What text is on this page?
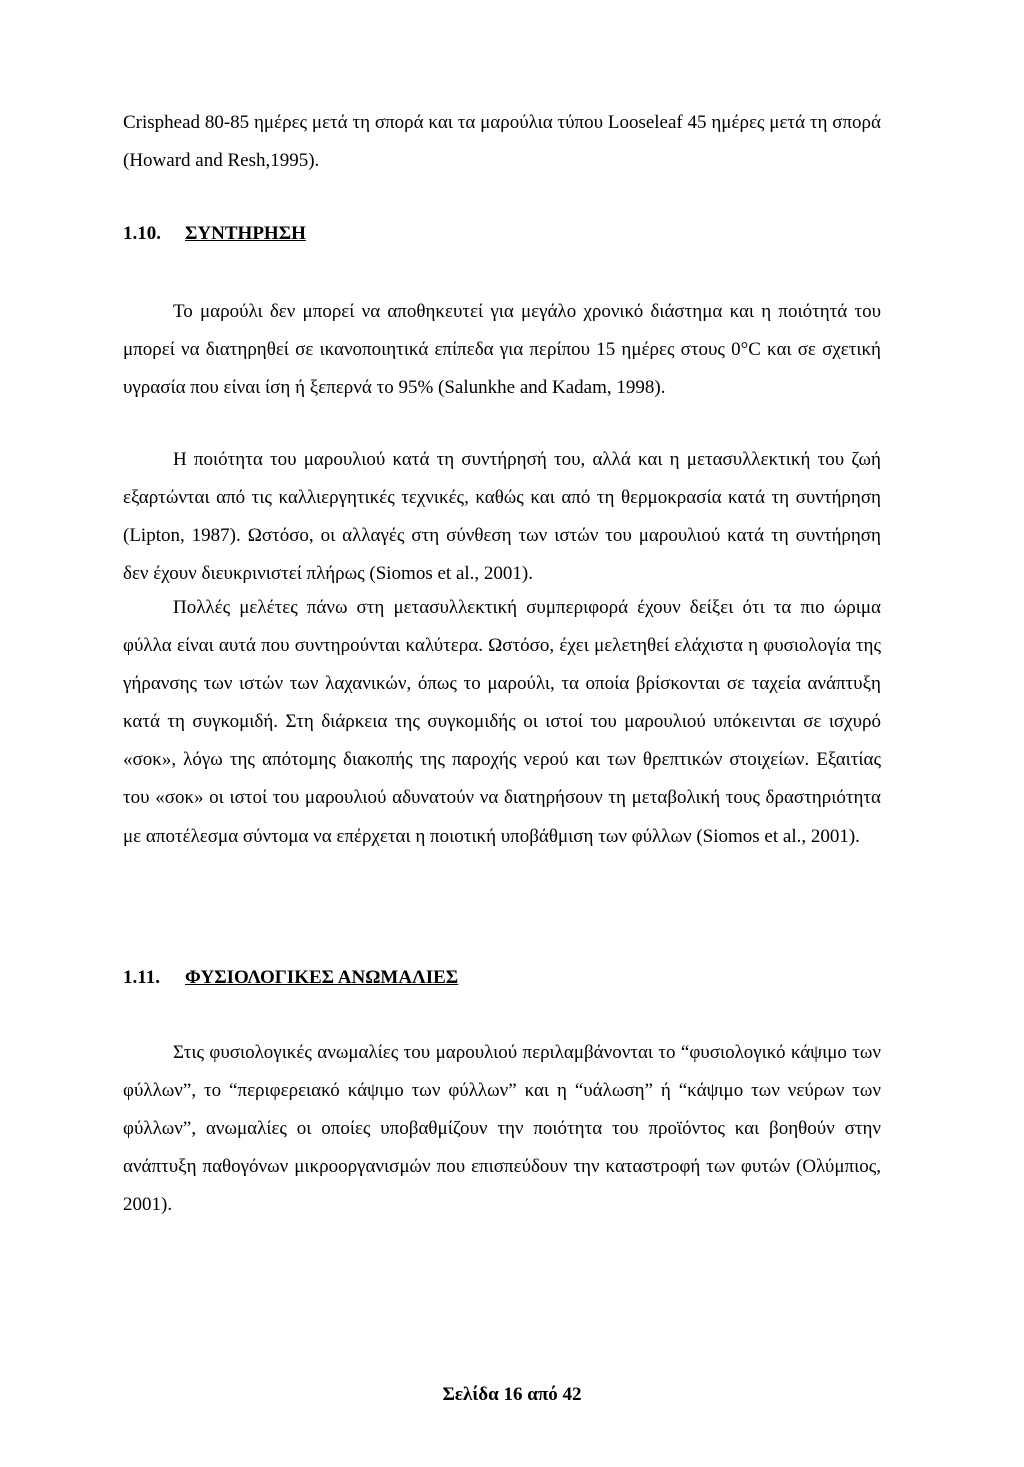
Crisphead 80-85 ημέρες μετά τη σπορά και τα μαρούλια τύπου Looseleaf 45 ημέρες μετά τη σπορά (Howard and Resh,1995).

1.10. ΣΥΝΤΗΡΗΣΗ

Το μαρούλι δεν μπορεί να αποθηκευτεί για μεγάλο χρονικό διάστημα και η ποιότητά του μπορεί να διατηρηθεί σε ικανοποιητικά επίπεδα για περίπου 15 ημέρες στους 0°C και σε σχετική υγρασία που είναι ίση ή ξεπερνά το 95% (Salunkhe and Kadam, 1998).

Η ποιότητα του μαρουλιού κατά τη συντήρησή του, αλλά και η μετασυλλεκτική του ζωή εξαρτώνται από τις καλλιεργητικές τεχνικές, καθώς και από τη θερμοκρασία κατά τη συντήρηση (Lipton, 1987). Ωστόσο, οι αλλαγές στη σύνθεση των ιστών του μαρουλιού κατά τη συντήρηση δεν έχουν διευκρινιστεί πλήρως (Siomos et al., 2001).

Πολλές μελέτες πάνω στη μετασυλλεκτική συμπεριφορά έχουν δείξει ότι τα πιο ώριμα φύλλα είναι αυτά που συντηρούνται καλύτερα. Ωστόσο, έχει μελετηθεί ελάχιστα η φυσιολογία της γήρανσης των ιστών των λαχανικών, όπως το μαρούλι, τα οποία βρίσκονται σε ταχεία ανάπτυξη κατά τη συγκομιδή. Στη διάρκεια της συγκομιδής οι ιστοί του μαρουλιού υπόκεινται σε ισχυρό «σοκ», λόγω της απότομης διακοπής της παροχής νερού και των θρεπτικών στοιχείων. Εξαιτίας του «σοκ» οι ιστοί του μαρουλιού αδυνατούν να διατηρήσουν τη μεταβολική τους δραστηριότητα με αποτέλεσμα σύντομα να επέρχεται η ποιοτική υποβάθμιση των φύλλων (Siomos et al., 2001).

1.11. ΦΥΣΙΟΛΟΓΙΚΕΣ ΑΝΩΜΑΛΙΕΣ

Στις φυσιολογικές ανωμαλίες του μαρουλιού περιλαμβάνονται το “φυσιολογικό κάψιμο των φύλλων”, το “περιφερειακό κάψιμο των φύλλων” και η “υάλωση” ή “κάψιμο των νεύρων των φύλλων”, ανωμαλίες οι οποίες υποβαθμίζουν την ποιότητα του προϊόντος και βοηθούν στην ανάπτυξη παθογόνων μικροοργανισμών που επισπεύδουν την καταστροφή των φυτών (Ολύμπιος, 2001).

Σελίδα 16 από 42
